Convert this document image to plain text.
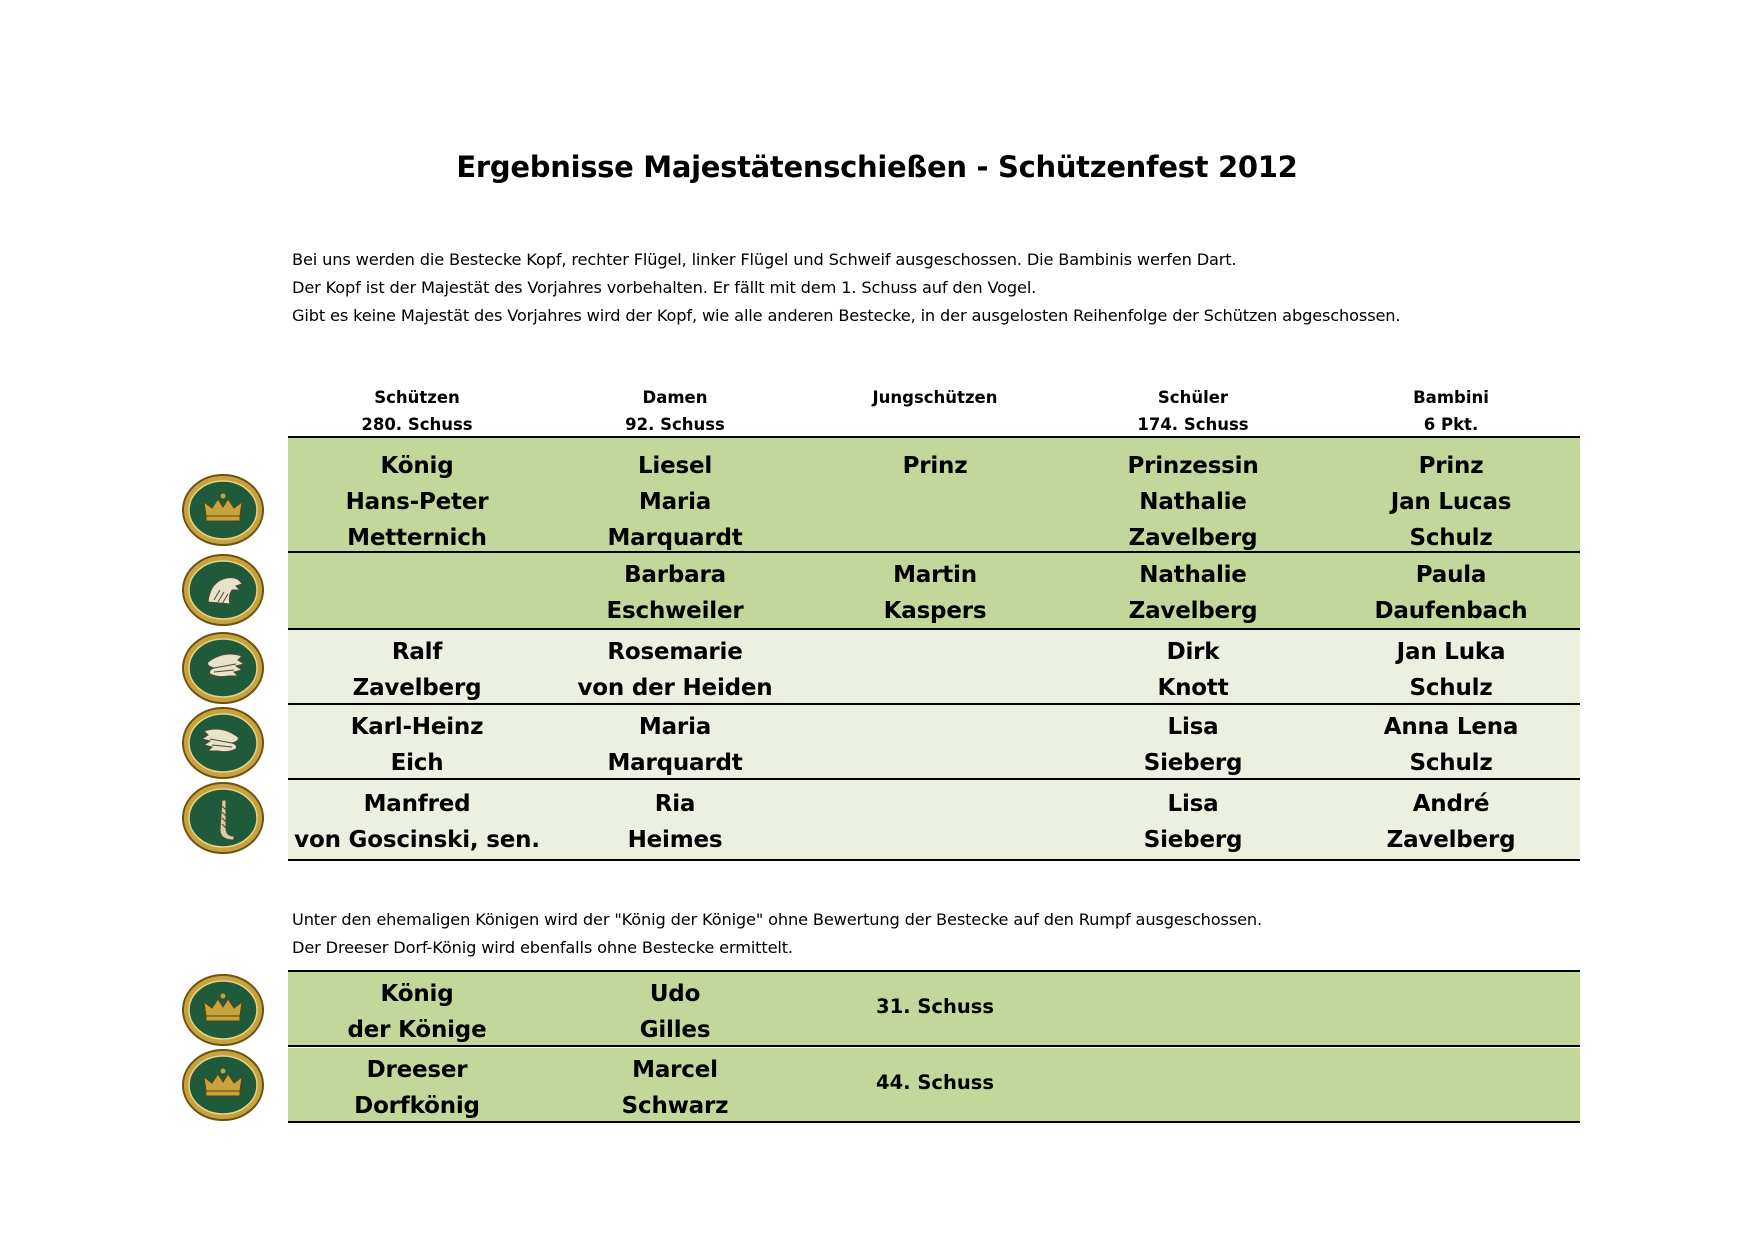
Ergebnisse Majestätenschießen - Schützenfest 2012

Bei uns werden die Bestecke Kopf, rechter Flügel, linker Flügel und Schweif ausgeschossen. Die Bambinis werfen Dart.

Der Kopf ist der Majestät des Vorjahres vorbehalten. Er fällt mit dem 1. Schuss auf den Vogel.

Gibt es keine Majestät des Vorjahres wird der Kopf, wie alle anderen Bestecke, in der ausgelosten Reihenfolge der Schützen abgeschossen.

Schützen
280. Schuss
Damen
92. Schuss
Jungschützen	Schüler
174. Schuss
Bambini
6 Pkt.
König
Hans-Peter
Metternich
Liesel
Maria
Marquardt
Prinz	Prinzessin
Nathalie
Zavelberg
Prinz
Jan Lucas
Schulz
Barbara
Eschweiler
Martin
Kaspers
Nathalie
Zavelberg
Paula
Daufenbach
Ralf
Zavelberg
Rosemarie
von der Heiden
Dirk
Knott
Jan Luka
Schulz
Karl-Heinz
Eich
Maria
Marquardt
Lisa
Sieberg
Anna Lena
Schulz
Manfred
von Goscinski, sen.
Ria
Heimes
Lisa
Sieberg
André
Zavelberg

Unter den ehemaligen Königen wird der "König der Könige" ohne Bewertung der Bestecke auf den Rumpf ausgeschossen.

Der Dreeser Dorf-König wird ebenfalls ohne Bestecke ermittelt.

König
der Könige
Udo
Gilles
31. Schuss
Dreeser
Dorfkönig
Marcel
Schwarz
44. Schuss
